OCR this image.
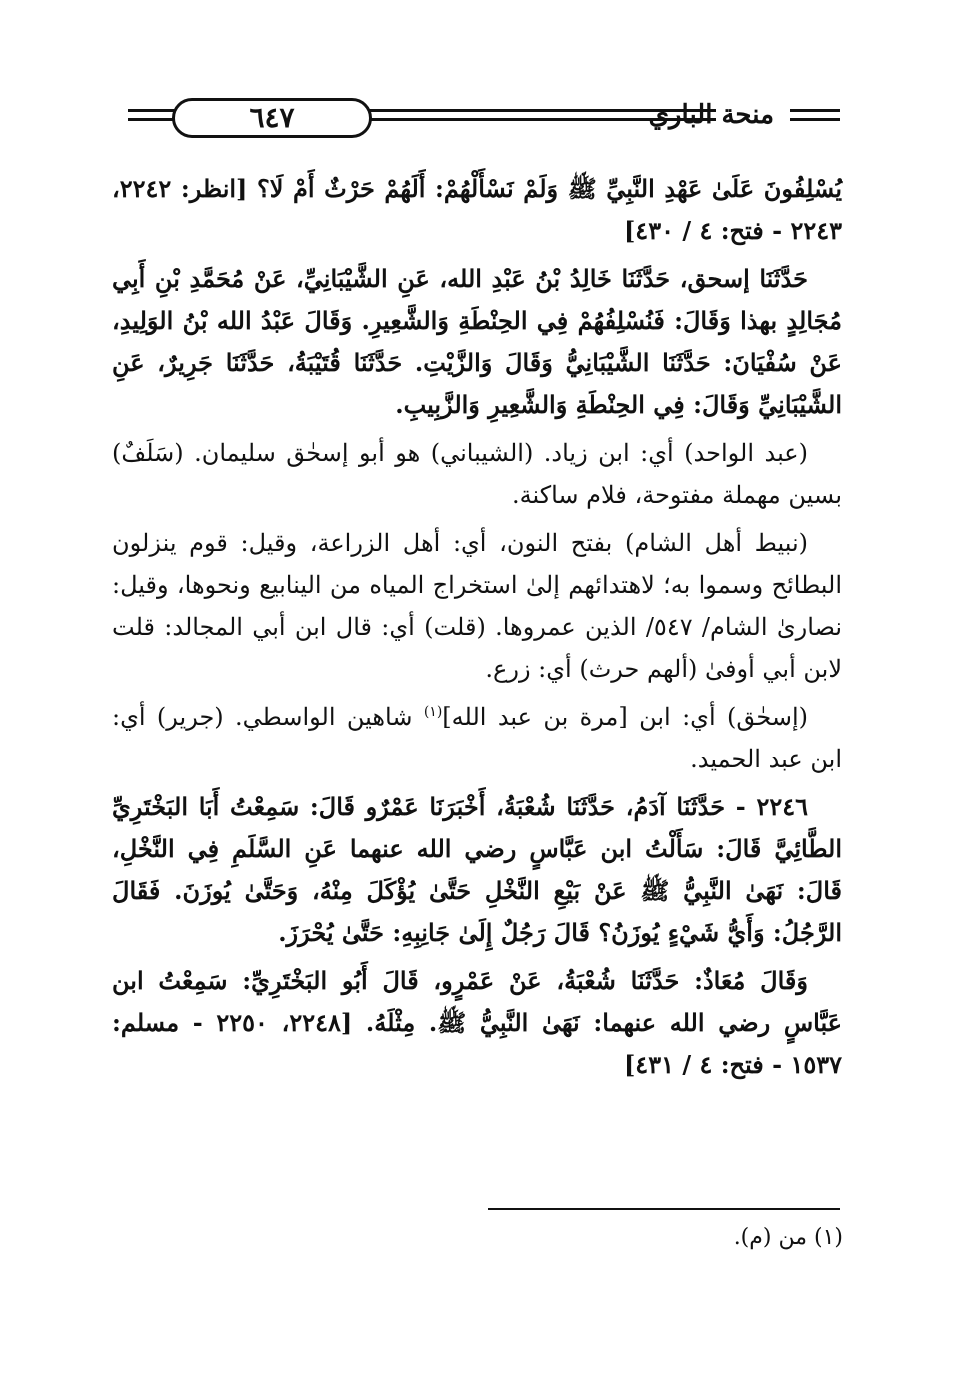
٦٤٧	منحة الباري

يُسْلِفُونَ عَلَىٰ عَهْدِ النَّبِيِّ ﷺ وَلَمْ نَسْأَلْهُمْ: أَلَهُمْ حَرْثٌ أَمْ لَا؟ [انظر: ٢٢٤٢، ٢٢٤٣ - فتح: ٤ / ٤٣٠]

حَدَّثَنَا إسحق، حَدَّثَنَا خَالِدُ بْنُ عَبْدِ الله، عَنِ الشَّيْبَانِيِّ، عَنْ مُحَمَّدِ بْنِ أَبِي مُجَالِدٍ بهذا وَقَالَ: فَنُسْلِفُهُمْ فِي الحِنْطَةِ وَالشَّعِيرِ. وَقَالَ عَبْدُ الله بْنُ الوَلِيدِ، عَنْ سُفْيَانَ: حَدَّثَنَا الشَّيْبَانِيُّ وَقَالَ وَالزَّيْتِ. حَدَّثَنَا قُتَيْبَةُ، حَدَّثَنَا جَرِيرٌ، عَنِ الشَّيْبَانِيِّ وَقَالَ: فِي الحِنْطَةِ وَالشَّعِيرِ وَالزَّبِيبِ.

(عبد الواحد) أي: ابن زياد. (الشيباني) هو أبو إسحٰق سليمان. (سَلَفٌ) بسين مهملة مفتوحة، فلام ساكنة.

(نبيط أهل الشام) بفتح النون، أي: أهل الزراعة، وقيل: قوم ينزلون البطائح وسموا به؛ لاهتدائهم إلىٰ استخراج المياه من الينابيع ونحوها، وقيل: نصارىٰ الشام/ ٥٤٧/ الذين عمروها. (قلت) أي: قال ابن أبي المجالد: قلت لابن أبي أوفىٰ (ألهم حرث) أي: زرع.

(إسحٰق) أي: ابن [مرة بن عبد الله]$^{(١)}$ شاهين الواسطي. (جرير) أي: ابن عبد الحميد.

٢٢٤٦ - حَدَّثَنَا آدَمُ، حَدَّثَنَا شُعْبَةُ، أَخْبَرَنَا عَمْرٌو قَالَ: سَمِعْتُ أَبَا البَخْتَرِيِّ الطَّائِيَّ قَالَ: سَأَلْتُ ابن عَبَّاسٍ رضي الله عنهما عَنِ السَّلَمِ فِي النَّخْلِ، قَالَ: نَهَىٰ النَّبِيُّ ﷺ عَنْ بَيْعِ النَّخْلِ حَتَّىٰ يُؤْكَلَ مِنْهُ، وَحَتَّىٰ يُوزَنَ. فَقَالَ الرَّجُلُ: وَأَيُّ شَيْءٍ يُوزَنُ؟ قَالَ رَجُلٌ إِلَىٰ جَانِبِهِ: حَتَّىٰ يُحْرَزَ.

وَقَالَ مُعَاذٌ: حَدَّثَنَا شُعْبَةُ، عَنْ عَمْرٍو، قَالَ أَبُو البَخْتَرِيِّ: سَمِعْتُ ابن عَبَّاسٍ رضي الله عنهما: نَهَىٰ النَّبِيُّ ﷺ. مِثْلَهُ. [٢٢٤٨، ٢٢٥٠ - مسلم: ١٥٣٧ - فتح: ٤ / ٤٣١]

(١) من (م).
